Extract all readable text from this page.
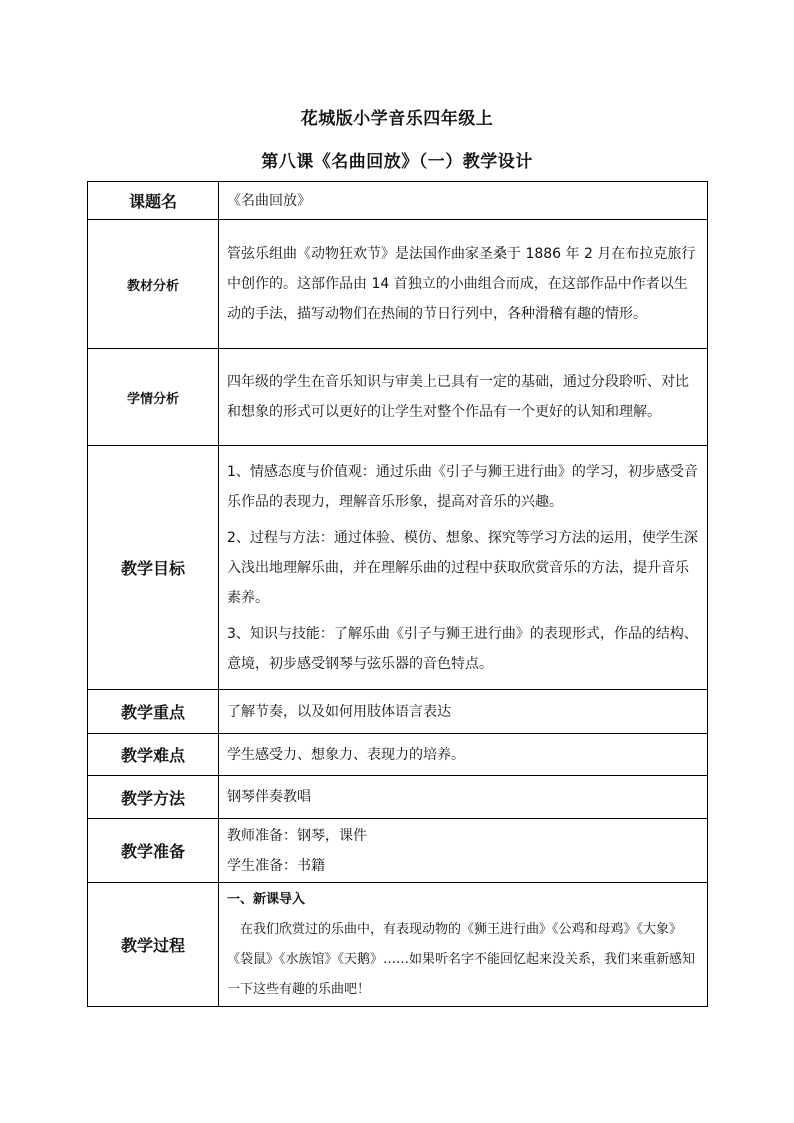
花城版小学音乐四年级上
第八课《名曲回放》（一）教学设计
课题名	《名曲回放》
教材分析	管弦乐组曲《动物狂欢节》是法国作曲家圣桑于 1886 年 2 月在布拉克旅行中创作的。这部作品由 14 首独立的小曲组合而成，在这部作品中作者以生动的手法，描写动物们在热闹的节日行列中，各种滑稽有趣的情形。
学情分析	四年级的学生在音乐知识与审美上已具有一定的基础，通过分段聆听、对比和想象的形式可以更好的让学生对整个作品有一个更好的认知和理解。
教学目标	1、情感态度与价值观：通过乐曲《引子与狮王进行曲》的学习，初步感受音乐作品的表现力，理解音乐形象，提高对音乐的兴趣。

2、过程与方法：通过体验、模仿、想象、探究等学习方法的运用，使学生深入浅出地理解乐曲，并在理解乐曲的过程中获取欣赏音乐的方法，提升音乐素养。

3、知识与技能：了解乐曲《引子与狮王进行曲》的表现形式，作品的结构、意境，初步感受钢琴与弦乐器的音色特点。

教学重点	了解节奏，以及如何用肢体语言表达
教学难点	学生感受力、想象力、表现力的培养。
教学方法	钢琴伴奏教唱
教学准备	教师准备：钢琴，课件
学生准备：书籍

教学过程	一、新课导入
在我们欣赏过的乐曲中，有表现动物的《狮王进行曲》《公鸡和母鸡》《大象》《袋鼠》《水族馆》《天鹅》……如果听名字不能回忆起来没关系，我们来重新感知一下这些有趣的乐曲吧！
